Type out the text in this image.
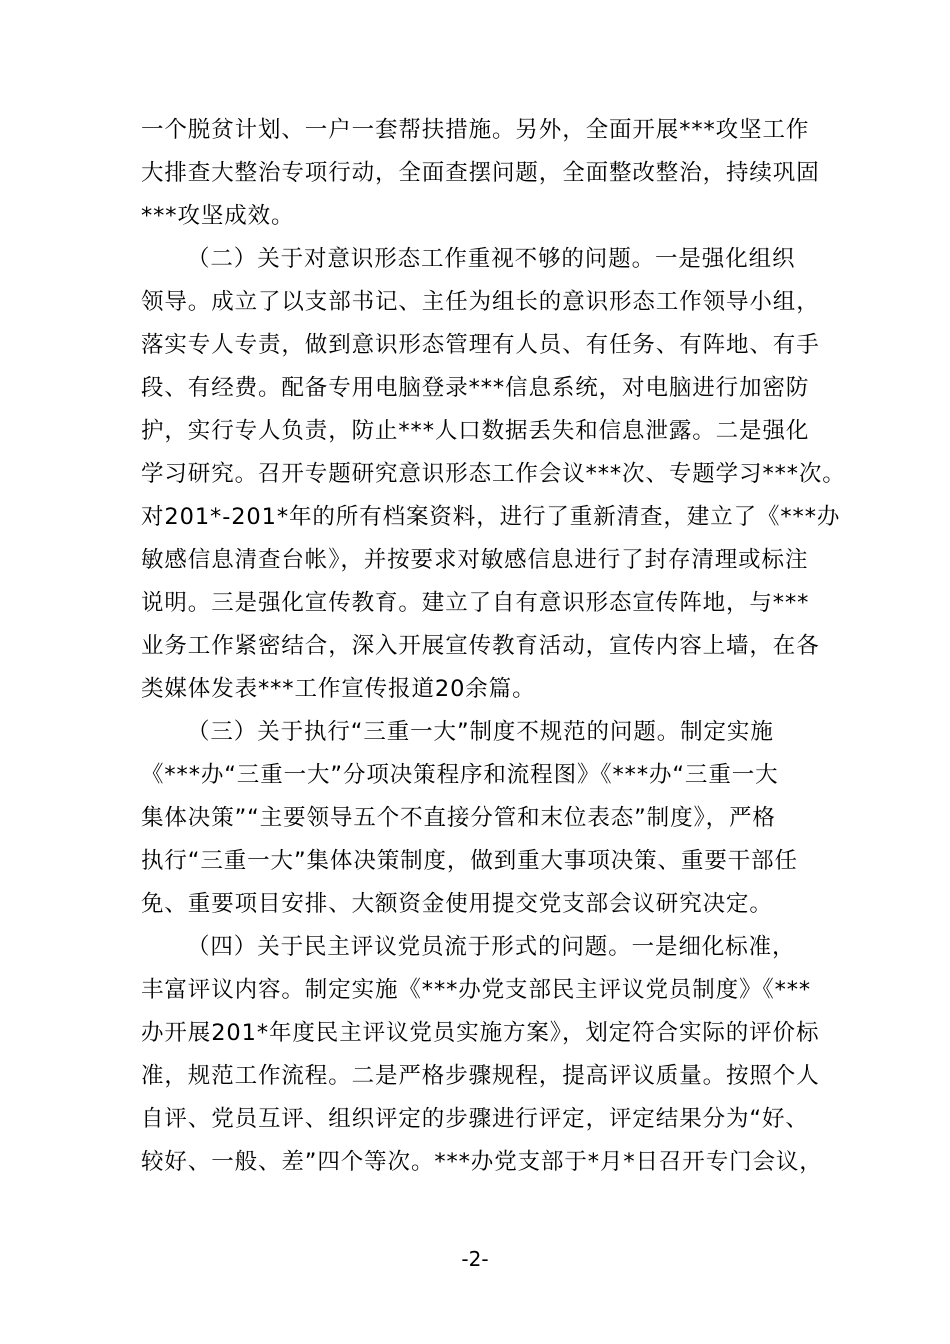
一个脱贫计划、一户一套帮扶措施。另外，全面开展***攻坚工作
大排查大整治专项行动，全面查摆问题，全面整改整治，持续巩固
***攻坚成效。
（二）关于对意识形态工作重视不够的问题。一是强化组织
领导。成立了以支部书记、主任为组长的意识形态工作领导小组，
落实专人专责，做到意识形态管理有人员、有任务、有阵地、有手
段、有经费。配备专用电脑登录***信息系统，对电脑进行加密防
护，实行专人负责，防止***人口数据丢失和信息泄露。二是强化
学习研究。召开专题研究意识形态工作会议***次、专题学习***次。
对201*-201*年的所有档案资料，进行了重新清查，建立了《***办
敏感信息清查台帐》，并按要求对敏感信息进行了封存清理或标注
说明。三是强化宣传教育。建立了自有意识形态宣传阵地，与***
业务工作紧密结合，深入开展宣传教育活动，宣传内容上墙，在各
类媒体发表***工作宣传报道20余篇。
（三）关于执行“三重一大”制度不规范的问题。制定实施
《***办“三重一大”分项决策程序和流程图》《***办“三重一大
集体决策”“主要领导五个不直接分管和末位表态”制度》，严格
执行“三重一大”集体决策制度，做到重大事项决策、重要干部任
免、重要项目安排、大额资金使用提交党支部会议研究决定。
（四）关于民主评议党员流于形式的问题。一是细化标准，
丰富评议内容。制定实施《***办党支部民主评议党员制度》《***
办开展201*年度民主评议党员实施方案》，划定符合实际的评价标
准，规范工作流程。二是严格步骤规程，提高评议质量。按照个人
自评、党员互评、组织评定的步骤进行评定，评定结果分为“好、
较好、一般、差”四个等次。***办党支部于*月*日召开专门会议，
-2-
